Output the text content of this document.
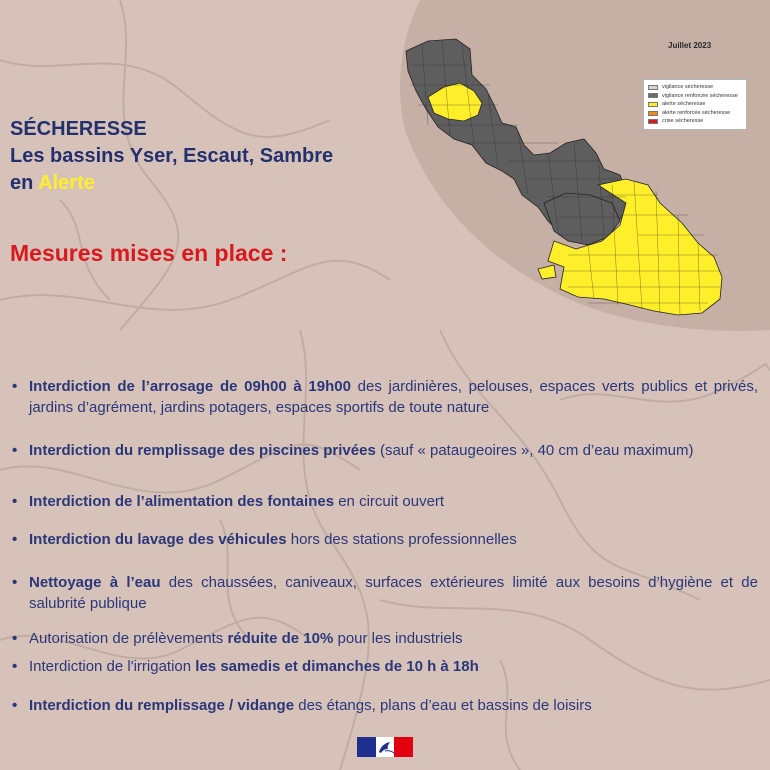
SÉCHERESSE
Les bassins Yser, Escaut, Sambre
en Alerte
Mesures mises en place :
Juillet 2023
vigilance sécheresse
vigilance renforcée sécheresse
alerte sécheresse
alerte renforcée sécheresse
crise sécheresse
• Interdiction de l’arrosage de 09h00 à 19h00 des jardinières, pelouses, espaces verts publics et privés, jardins d’agrément, jardins potagers, espaces sportifs de toute nature
• Interdiction du remplissage des piscines privées (sauf « pataugeoires », 40 cm d’eau maximum)
• Interdiction de l’alimentation des fontaines en circuit ouvert
• Interdiction du lavage des véhicules hors des stations professionnelles
• Nettoyage à l’eau des chaussées, caniveaux, surfaces extérieures limité aux besoins d’hygiène et de salubrité publique
• Autorisation de prélèvements réduite de 10% pour les industriels
• Interdiction de l'irrigation les samedis et dimanches de 10 h à 18h
• Interdiction du remplissage / vidange des étangs, plans d’eau et bassins de loisirs
